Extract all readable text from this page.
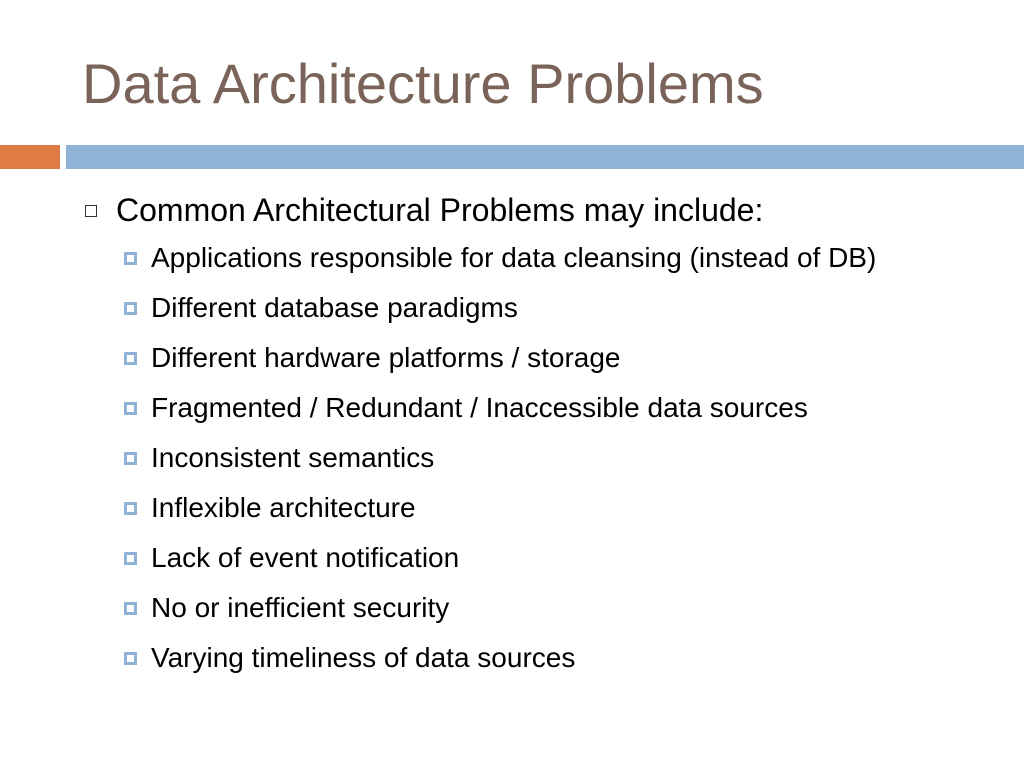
Data Architecture Problems
Common Architectural Problems may include:
Applications responsible for data cleansing (instead of DB)
Different database paradigms
Different hardware platforms / storage
Fragmented / Redundant / Inaccessible data sources
Inconsistent semantics
Inflexible architecture
Lack of event notification
No or inefficient security
Varying timeliness of data sources
